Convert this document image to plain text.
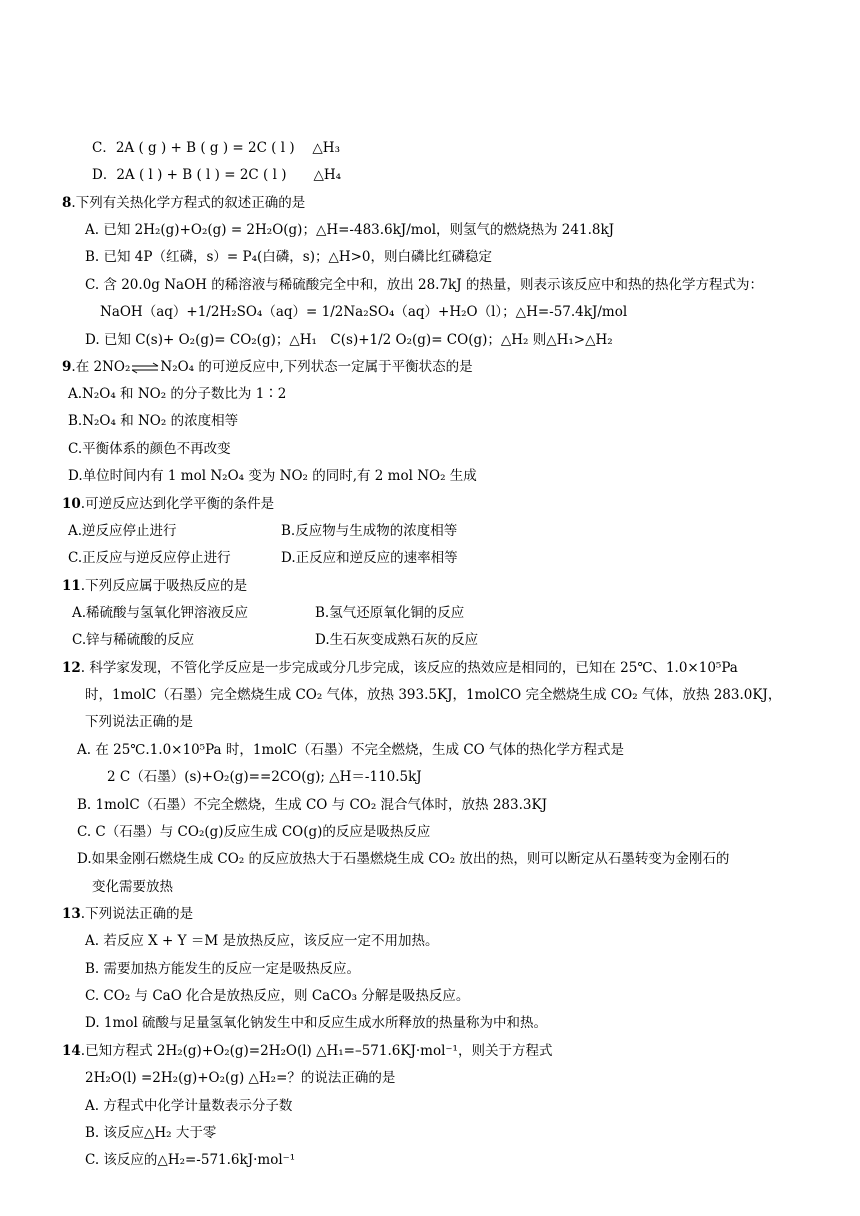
C．2A ( g ) + B ( g ) = 2C ( l )　 △H₃
D．2A ( l ) + B ( l ) = 2C ( l )　　△H₄
8.下列有关热化学方程式的叙述正确的是
A. 已知 2H₂(g)+O₂(g) = 2H₂O(g)；△H=-483.6kJ/mol，则氢气的燃烧热为 241.8kJ
B. 已知 4P（红磷，s）= P₄(白磷，s)；△H>0，则白磷比红磷稳定
C. 含 20.0g NaOH 的稀溶液与稀硫酸完全中和，放出 28.7kJ 的热量，则表示该反应中和热的热化学方程式为：
NaOH（aq）+1/2H₂SO₄（aq）= 1/2Na₂SO₄（aq）+H₂O（l）；△H=-57.4kJ/mol
D. 已知 C(s)+ O₂(g)= CO₂(g)；△H₁　C(s)+1/2 O₂(g)= CO(g)；△H₂ 则△H₁>△H₂
9.在 2NO₂⇌N₂O₄ 的可逆反应中,下列状态一定属于平衡状态的是
A.N₂O₄ 和 NO₂ 的分子数比为 1∶2
B.N₂O₄ 和 NO₂ 的浓度相等
C.平衡体系的颜色不再改变
D.单位时间内有 1 mol N₂O₄ 变为 NO₂ 的同时,有 2 mol NO₂ 生成
10.可逆反应达到化学平衡的条件是
A.逆反应停止进行	B.反应物与生成物的浓度相等
C.正反应与逆反应停止进行	D.正反应和逆反应的速率相等
11.下列反应属于吸热反应的是
A.稀硫酸与氢氧化钾溶液反应	B.氢气还原氧化铜的反应
C.锌与稀硫酸的反应	D.生石灰变成熟石灰的反应
12. 科学家发现，不管化学反应是一步完成或分几步完成，该反应的热效应是相同的，已知在 25℃、1.0×10⁵Pa
时，1molC（石墨）完全燃烧生成 CO₂ 气体，放热 393.5KJ，1molCO 完全燃烧生成 CO₂ 气体，放热 283.0KJ，
下列说法正确的是
A. 在 25℃.1.0×10⁵Pa 时，1molC（石墨）不完全燃烧，生成 CO 气体的热化学方程式是
2 C（石墨）(s)+O₂(g)==2CO(g); △H＝-110.5kJ
B. 1molC（石墨）不完全燃烧，生成 CO 与 CO₂ 混合气体时，放热 283.3KJ
C. C（石墨）与 CO₂(g)反应生成 CO(g)的反应是吸热反应
D.如果金刚石燃烧生成 CO₂ 的反应放热大于石墨燃烧生成 CO₂ 放出的热，则可以断定从石墨转变为金刚石的
变化需要放热
13.下列说法正确的是
A. 若反应 X + Y ＝M 是放热反应，该反应一定不用加热。
B. 需要加热方能发生的反应一定是吸热反应。
C. CO₂ 与 CaO 化合是放热反应，则 CaCO₃ 分解是吸热反应。
D. 1mol 硫酸与足量氢氧化钠发生中和反应生成水所释放的热量称为中和热。
14.已知方程式 2H₂(g)+O₂(g)=2H₂O(l) △H₁=–571.6KJ·mol⁻¹，则关于方程式
2H₂O(l) =2H₂(g)+O₂(g) △H₂=？的说法正确的是
A. 方程式中化学计量数表示分子数
B. 该反应△H₂ 大于零
C. 该反应的△H₂=-571.6kJ·mol⁻¹
